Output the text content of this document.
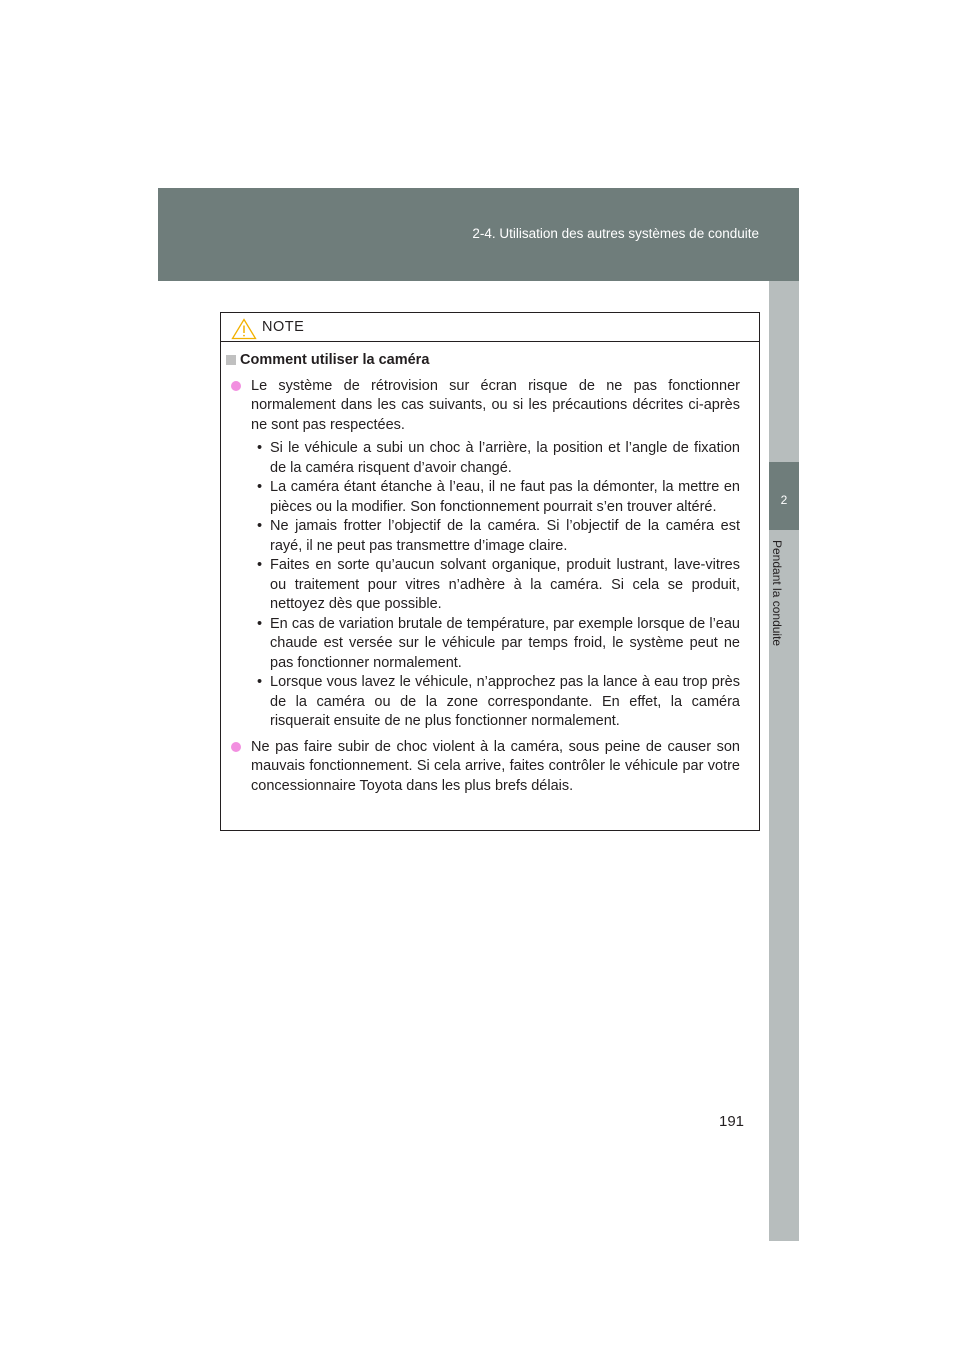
2-4. Utilisation des autres systèmes de conduite
2
Pendant la conduite
NOTE
Comment utiliser la caméra
Le système de rétrovision sur écran risque de ne pas fonctionner normalement dans les cas suivants, ou si les précautions décrites ci-après ne sont pas respectées.
• Si le véhicule a subi un choc à l’arrière, la position et l’angle de fixation de la caméra risquent d’avoir changé.
• La caméra étant étanche à l’eau, il ne faut pas la démonter, la mettre en pièces ou la modifier. Son fonctionnement pourrait s’en trouver altéré.
• Ne jamais frotter l’objectif de la caméra. Si l’objectif de la caméra est rayé, il ne peut pas transmettre d’image claire.
• Faites en sorte qu’aucun solvant organique, produit lustrant, lave-vitres ou traitement pour vitres n’adhère à la caméra. Si cela se produit, nettoyez dès que possible.
• En cas de variation brutale de température, par exemple lorsque de l’eau chaude est versée sur le véhicule par temps froid, le système peut ne pas fonctionner normalement.
• Lorsque vous lavez le véhicule, n’approchez pas la lance à eau trop près de la caméra ou de la zone correspondante. En effet, la caméra risquerait ensuite de ne plus fonctionner normalement.
Ne pas faire subir de choc violent à la caméra, sous peine de causer son mauvais fonctionnement. Si cela arrive, faites contrôler le véhicule par votre concessionnaire Toyota dans les plus brefs délais.
191
